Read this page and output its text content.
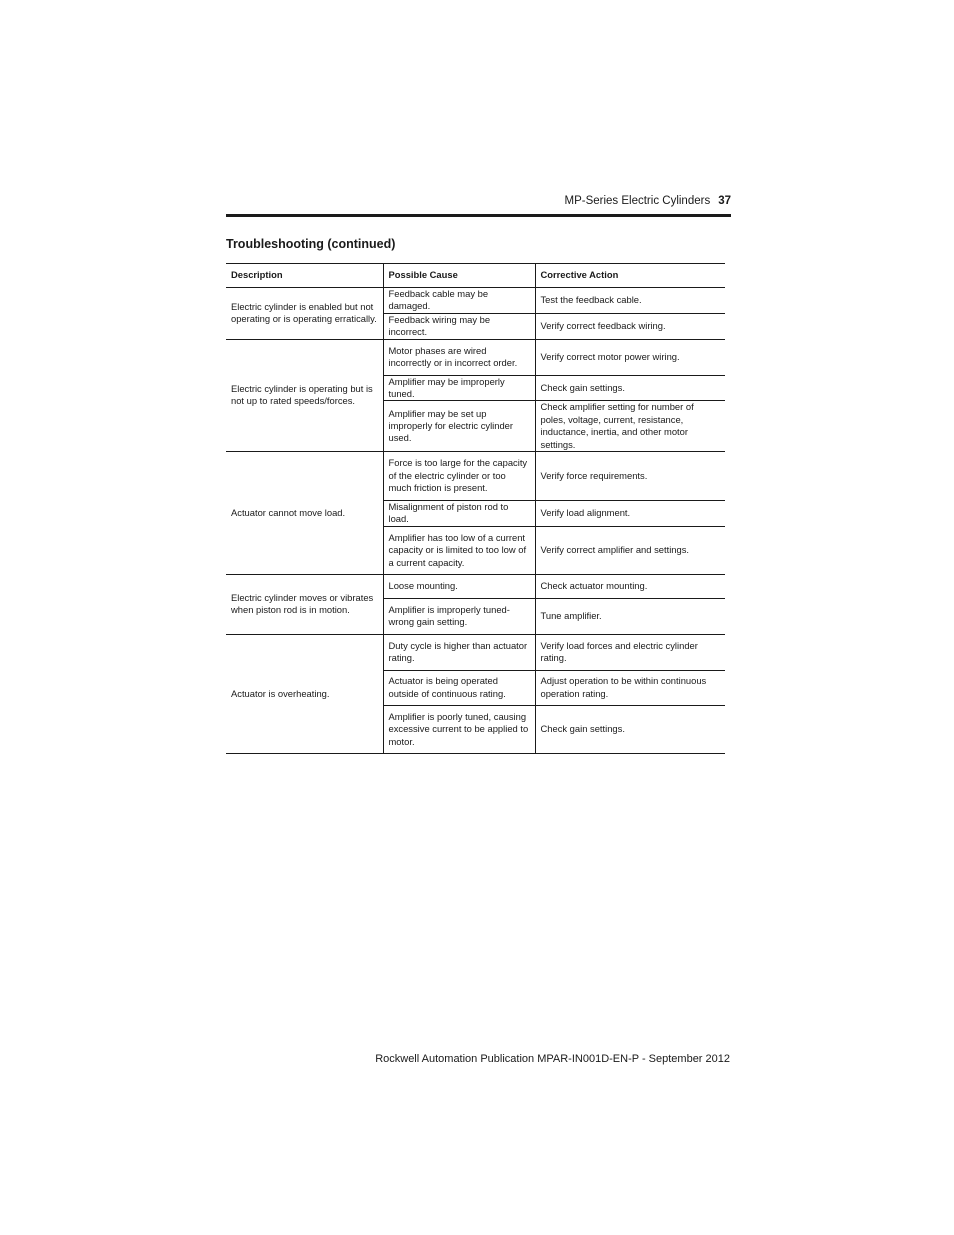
MP-Series Electric Cylinders 37
Troubleshooting (continued)
Description	Possible Cause	Corrective Action
Electric cylinder is enabled but not operating or is operating erratically.	Feedback cable may be damaged.	Test the feedback cable.
	Feedback wiring may be incorrect.	Verify correct feedback wiring.
Electric cylinder is operating but is not up to rated speeds/forces.	Motor phases are wired incorrectly or in incorrect order.	Verify correct motor power wiring.
	Amplifier may be improperly tuned.	Check gain settings.
	Amplifier may be set up improperly for electric cylinder used.	Check amplifier setting for number of poles, voltage, current, resistance, inductance, inertia, and other motor settings.
Actuator cannot move load.	Force is too large for the capacity of the electric cylinder or too much friction is present.	Verify force requirements.
	Misalignment of piston rod to load.	Verify load alignment.
	Amplifier has too low of a current capacity or is limited to too low of a current capacity.	Verify correct amplifier and settings.
Electric cylinder moves or vibrates when piston rod is in motion.	Loose mounting.	Check actuator mounting.
	Amplifier is improperly tuned- wrong gain setting.	Tune amplifier.
Actuator is overheating.	Duty cycle is higher than actuator rating.	Verify load forces and electric cylinder rating.
	Actuator is being operated outside of continuous rating.	Adjust operation to be within continuous operation rating.
	Amplifier is poorly tuned, causing excessive current to be applied to motor.	Check gain settings.
Rockwell Automation Publication MPAR-IN001D-EN-P - September 2012
